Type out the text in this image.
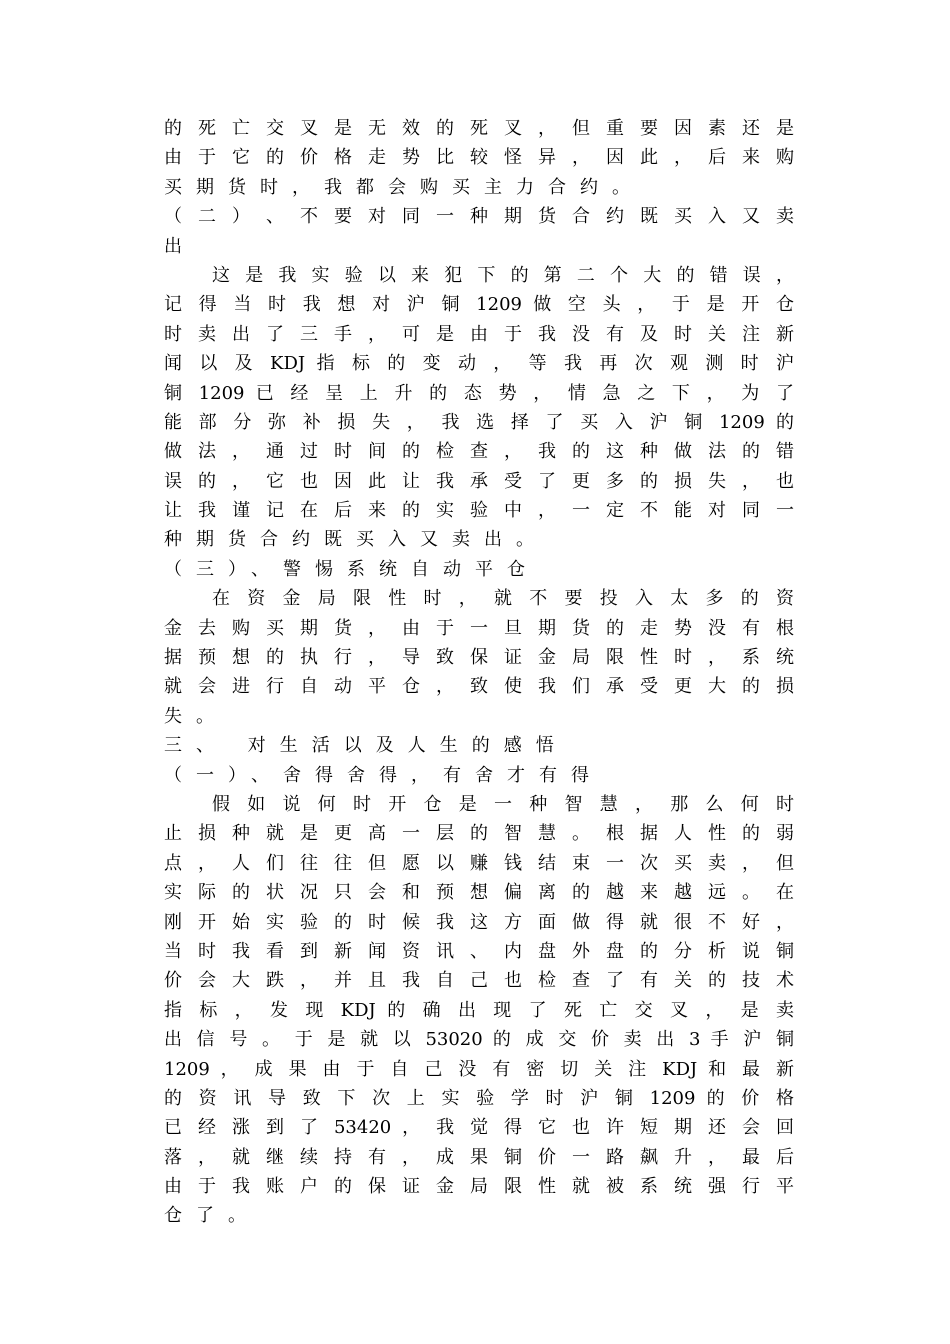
的 死 亡 交 叉 是 无 效 的 死 叉 ， 但 重 要 因 素 还 是
由 于 它 的 价 格 走 势 比 较 怪 异 ， 因 此 ， 后 来 购
买期货时，我都会购买主力合约。
（ 二 ） 、 不 要 对 同 一 种 期 货 合 约 既 买 入 又 卖
出
这 是 我 实 验 以 来 犯 下 的 第 二 个 大 的 错 误 ，
记 得 当 时 我 想 对 沪 铜 1209 做 空 头 ， 于 是 开 仓
时 卖 出 了 三 手 ， 可 是 由 于 我 没 有 及 时 关 注 新
闻 以 及 KDJ 指 标 的 变 动 ， 等 我 再 次 观 测 时 沪
铜 1209 已 经 呈 上 升 的 态 势 ， 情 急 之 下 ， 为 了
能 部 分 弥 补 损 失 ， 我 选 择 了 买 入 沪 铜 1209 的
做 法 ， 通 过 时 间 的 检 查 ， 我 的 这 种 做 法 的 错
误 的 ， 它 也 因 此 让 我 承 受 了 更 多 的 损 失 ， 也
让 我 谨 记 在 后 来 的 实 验 中 ， 一 定 不 能 对 同 一
种期货合约既买入又卖出。
（三）、警惕系统自动平仓
在 资 金 局 限 性 时 ， 就 不 要 投 入 太 多 的 资
金 去 购 买 期 货 ， 由 于 一 旦 期 货 的 走 势 没 有 根
据 预 想 的 执 行 ， 导 致 保 证 金 局 限 性 时 ， 系 统
就 会 进 行 自 动 平 仓 ， 致 使 我 们 承 受 更 大 的 损
失。
三、 对生活以及人生的感悟
（一）、舍得舍得，有舍才有得
假 如 说 何 时 开 仓 是 一 种 智 慧 ， 那 么 何 时
止 损 种 就 是 更 高 一 层 的 智 慧 。 根 据 人 性 的 弱
点 ， 人 们 往 往 但 愿 以 赚 钱 结 束 一 次 买 卖 ， 但
实 际 的 状 况 只 会 和 预 想 偏 离 的 越 来 越 远 。 在
刚 开 始 实 验 的 时 候 我 这 方 面 做 得 就 很 不 好 ，
当 时 我 看 到 新 闻 资 讯 、 内 盘 外 盘 的 分 析 说 铜
价 会 大 跌 ， 并 且 我 自 己 也 检 查 了 有 关 的 技 术
指 标 ， 发 现 KDJ 的 确 出 现 了 死 亡 交 叉 ， 是 卖
出 信 号 。 于 是 就 以 53020 的 成 交 价 卖 出 3 手 沪 铜
1209 ， 成 果 由 于 自 己 没 有 密 切 关 注 KDJ 和 最 新
的 资 讯 导 致 下 次 上 实 验 学 时 沪 铜 1209 的 价 格
已 经 涨 到 了 53420 ， 我 觉 得 它 也 许 短 期 还 会 回
落 ， 就 继 续 持 有 ， 成 果 铜 价 一 路 飙 升 ， 最 后
由 于 我 账 户 的 保 证 金 局 限 性 就 被 系 统 强 行 平
仓了。
